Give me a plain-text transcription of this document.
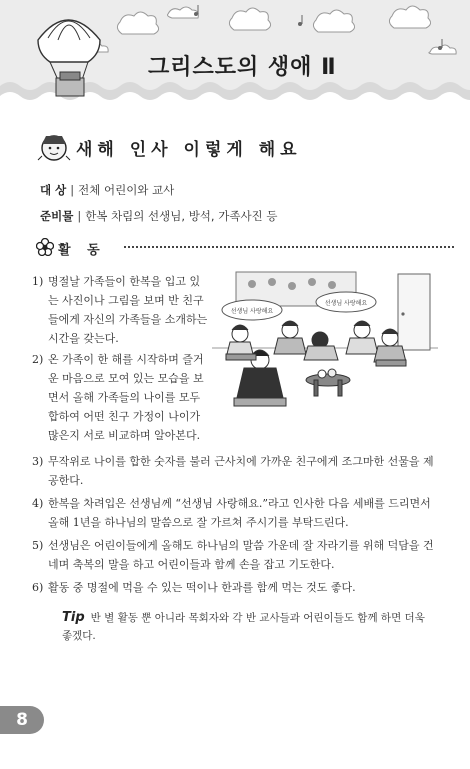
그리스도의 생애 Ⅱ
새해 인사 이렇게 해요
대 상 | 전체 어린이와 교사
준비물 | 한복 차림의 선생님, 방석, 가족사진 등
활 동
선생님 사랑해요
선생님 사랑해요
1) 명절날 가족들이 한복을 입고 있는 사진이나 그림을 보며 반 친구들에게 자신의 가족들을 소개하는 시간을 갖는다.
2) 온 가족이 한 해를 시작하며 즐거운 마음으로 모여 있는 모습을 보면서 올해 가족들의 나이를 모두 합하여 어떤 친구 가정이 나이가 많은지 서로 비교하며 알아본다.
3) 무작위로 나이를 합한 숫자를 불러 근사치에 가까운 친구에게 조그마한 선물을 제공한다.
4) 한복을 차려입은 선생님께 “선생님 사랑해요.”라고 인사한 다음 세배를 드리면서 올해 1년을 하나님의 말씀으로 잘 가르쳐 주시기를 부탁드린다.
5) 선생님은 어린이들에게 올해도 하나님의 말씀 가운데 잘 자라기를 위해 덕담을 건네며 축복의 말을 하고 어린이들과 함께 손을 잡고 기도한다.
6) 활동 중 명절에 먹을 수 있는 떡이나 한과를 함께 먹는 것도 좋다.
Tip 반 별 활동 뿐 아니라 목회자와 각 반 교사들과 어린이들도 함께 하면 더욱 좋겠다.
8
